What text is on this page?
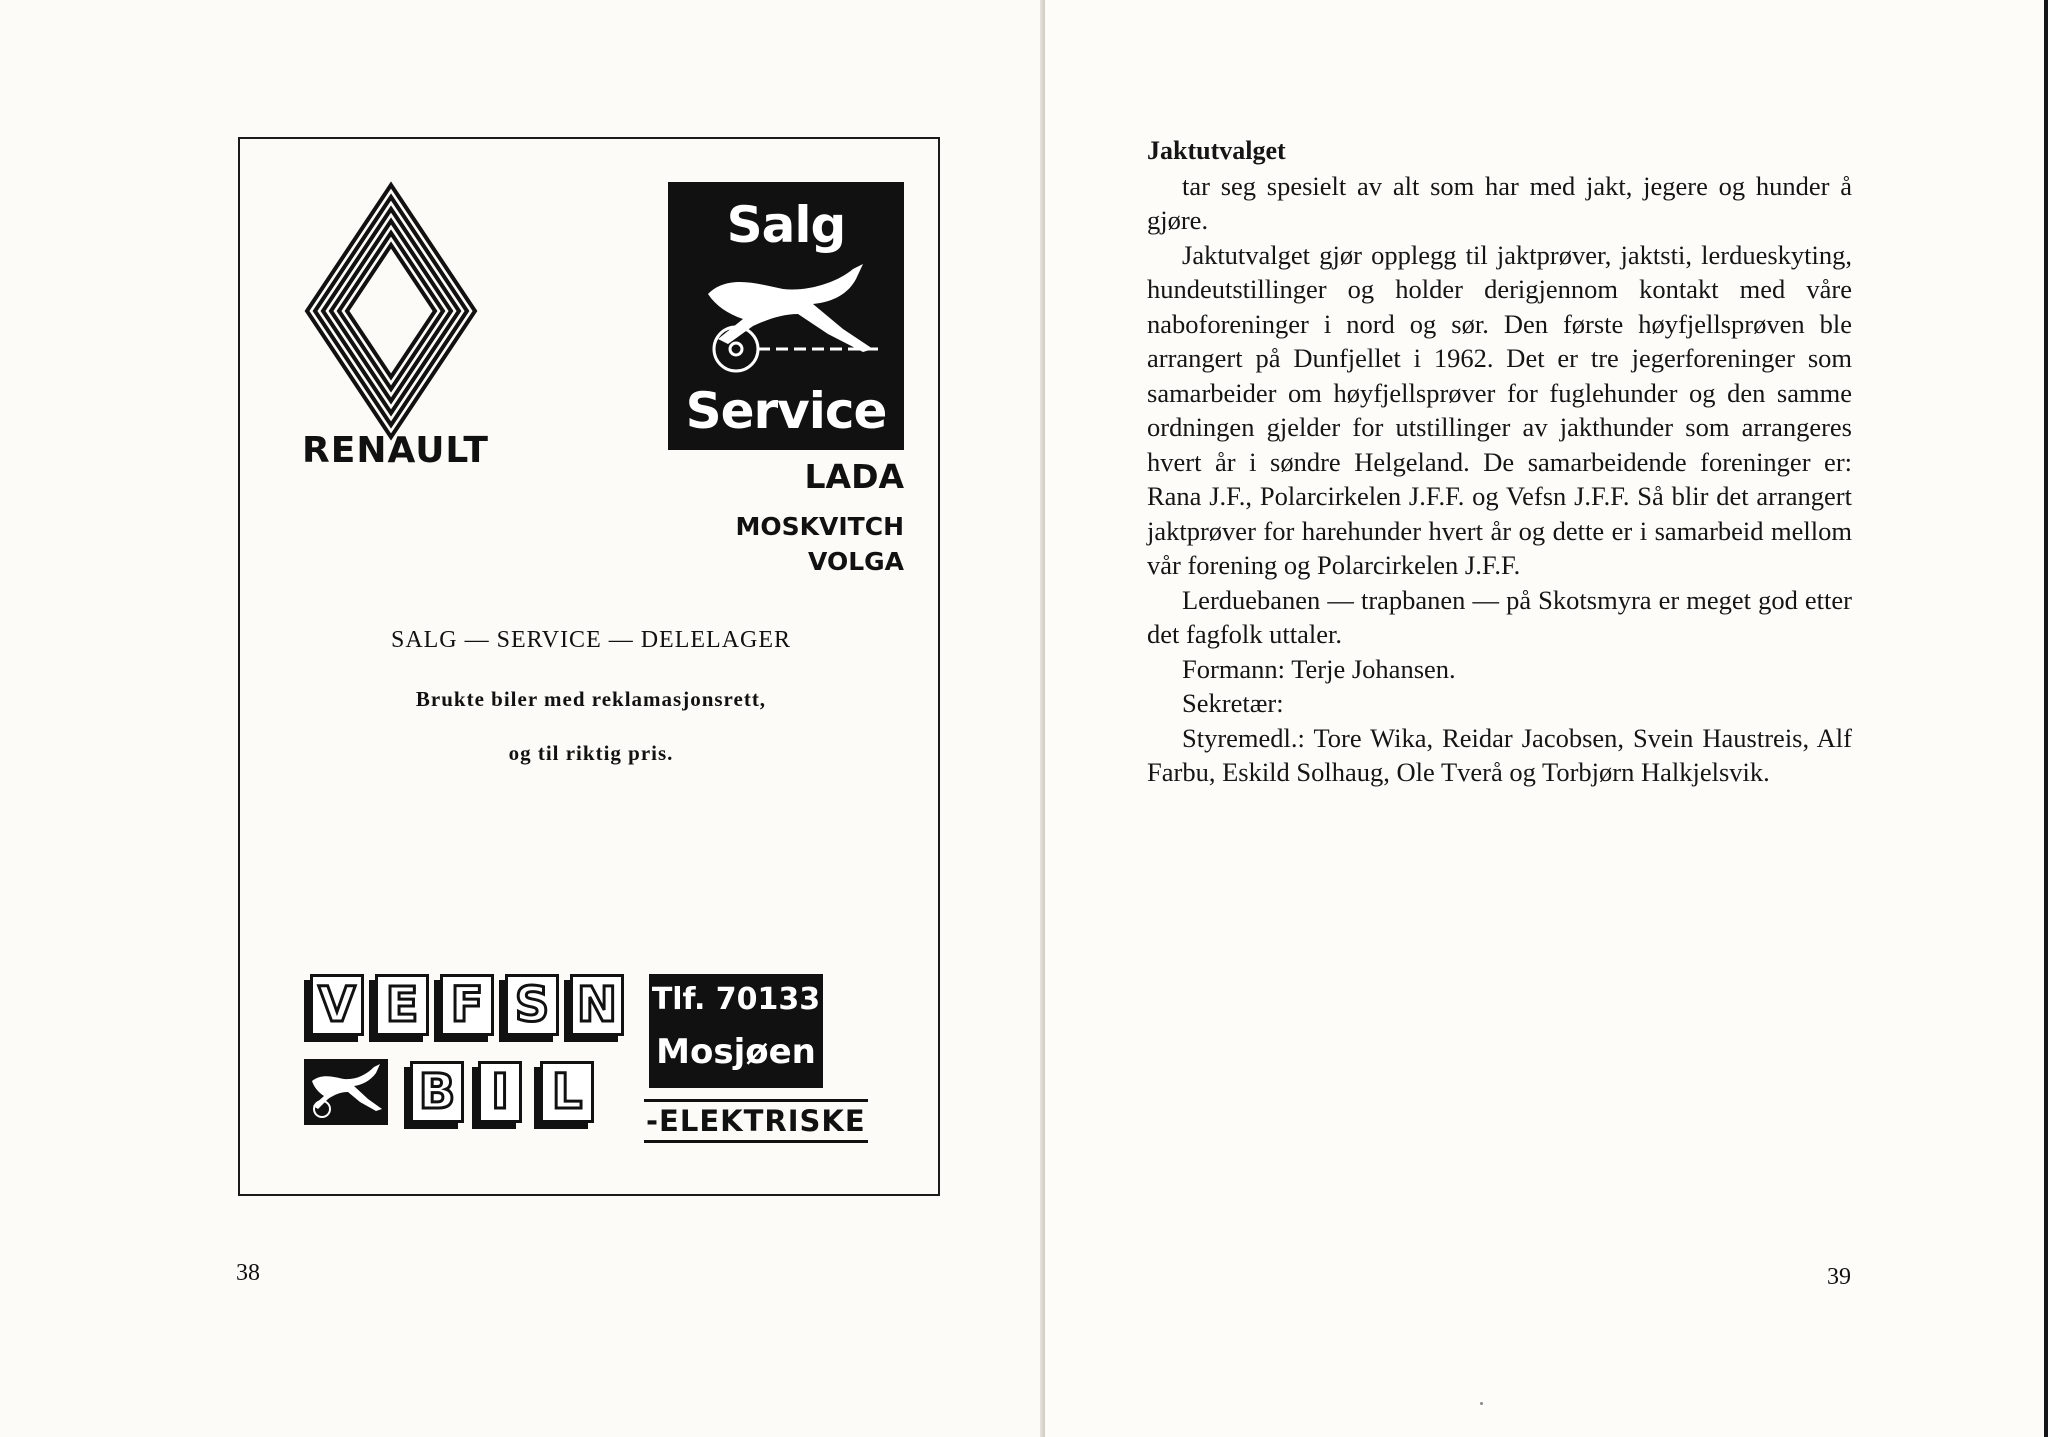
RENAULT
Salg
Service
LADA
MOSKVITCH
VOLGA
SALG — SERVICE — DELELAGER
Brukte biler med reklamasjonsrett,
og til riktig pris.
V E F S N Tlf. 70133
Mosjøen
B I L
-ELEKTRISKE
38

Jaktutvalget

tar seg spesielt av alt som har med jakt, jegere og hunder å gjøre.

Jaktutvalget gjør opplegg til jaktprøver, jaktsti, lerdueskyting, hundeutstillinger og holder derigjennom kontakt med våre naboforeninger i nord og sør. Den første høyfjellsprøven ble arrangert på Dunfjellet i 1962. Det er tre jegerforeninger som samarbeider om høyfjellsprøver for fuglehunder og den samme ordningen gjelder for utstillinger av jakthunder som arrangeres hvert år i søndre Helgeland. De samarbeidende foreninger er: Rana J.F., Polarcirkelen J.F.F. og Vefsn J.F.F. Så blir det arrangert jaktprøver for harehunder hvert år og dette er i samarbeid mellom vår forening og Polarcirkelen J.F.F.

Lerduebanen — trapbanen — på Skotsmyra er meget god etter det fagfolk uttaler.

Formann: Terje Johansen.

Sekretær:

Styremedl.: Tore Wika, Reidar Jacobsen, Svein Haustreis, Alf Farbu, Eskild Solhaug, Ole Tverå og Torbjørn Halkjelsvik.

39
